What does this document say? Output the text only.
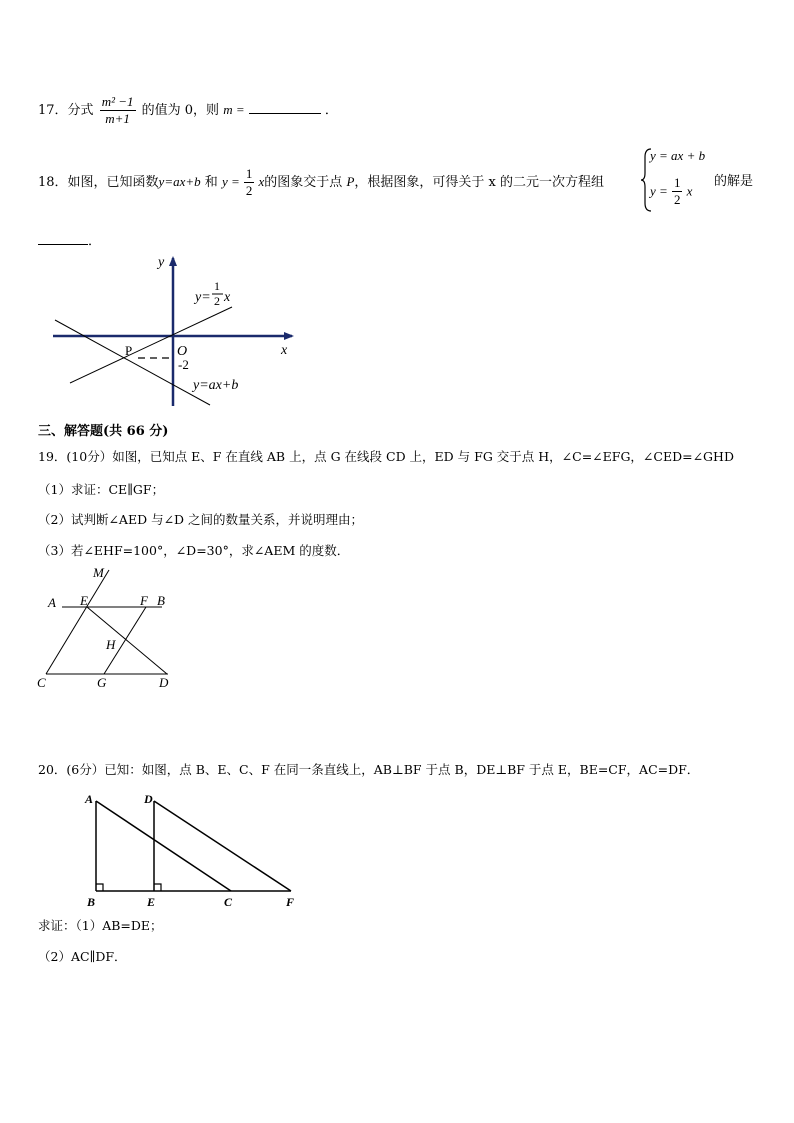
17．分式 $\frac{\text{m² −1}}{m+1}$ 的值为 0，则 m =	．
18．如图，已知函数y=ax+b 和 $y = \frac{1}{2}$ x的图象交于点 P，根据图象，可得关于 x 的二元一次方程组
y = ax + b
$y = \frac{1}{2}$ x
的解是
．
y
x
O
P
-2
y=
1
2 x
y=ax+b
三、解答题(共 66 分)
19．(10分）如图，已知点 E、F 在直线 AB 上，点 G 在线段 CD 上，ED 与 FG 交于点 H，∠C=∠EFG，∠CED=∠GHD
（1）求证：CE∥GF；
（2）试判断∠AED 与∠D 之间的数量关系，并说明理由；
（3）若∠EHF=100°，∠D=30°，求∠AEM 的度数．
M
A E	F B
H
C	G	D
20．(6分）已知：如图，点 B、E、C、F 在同一条直线上，AB⊥BF 于点 B，DE⊥BF 于点 E，BE=CF，AC=DF．
A	D
B	E	C	F
求证：（1）AB=DE；
（2）AC∥DF．
